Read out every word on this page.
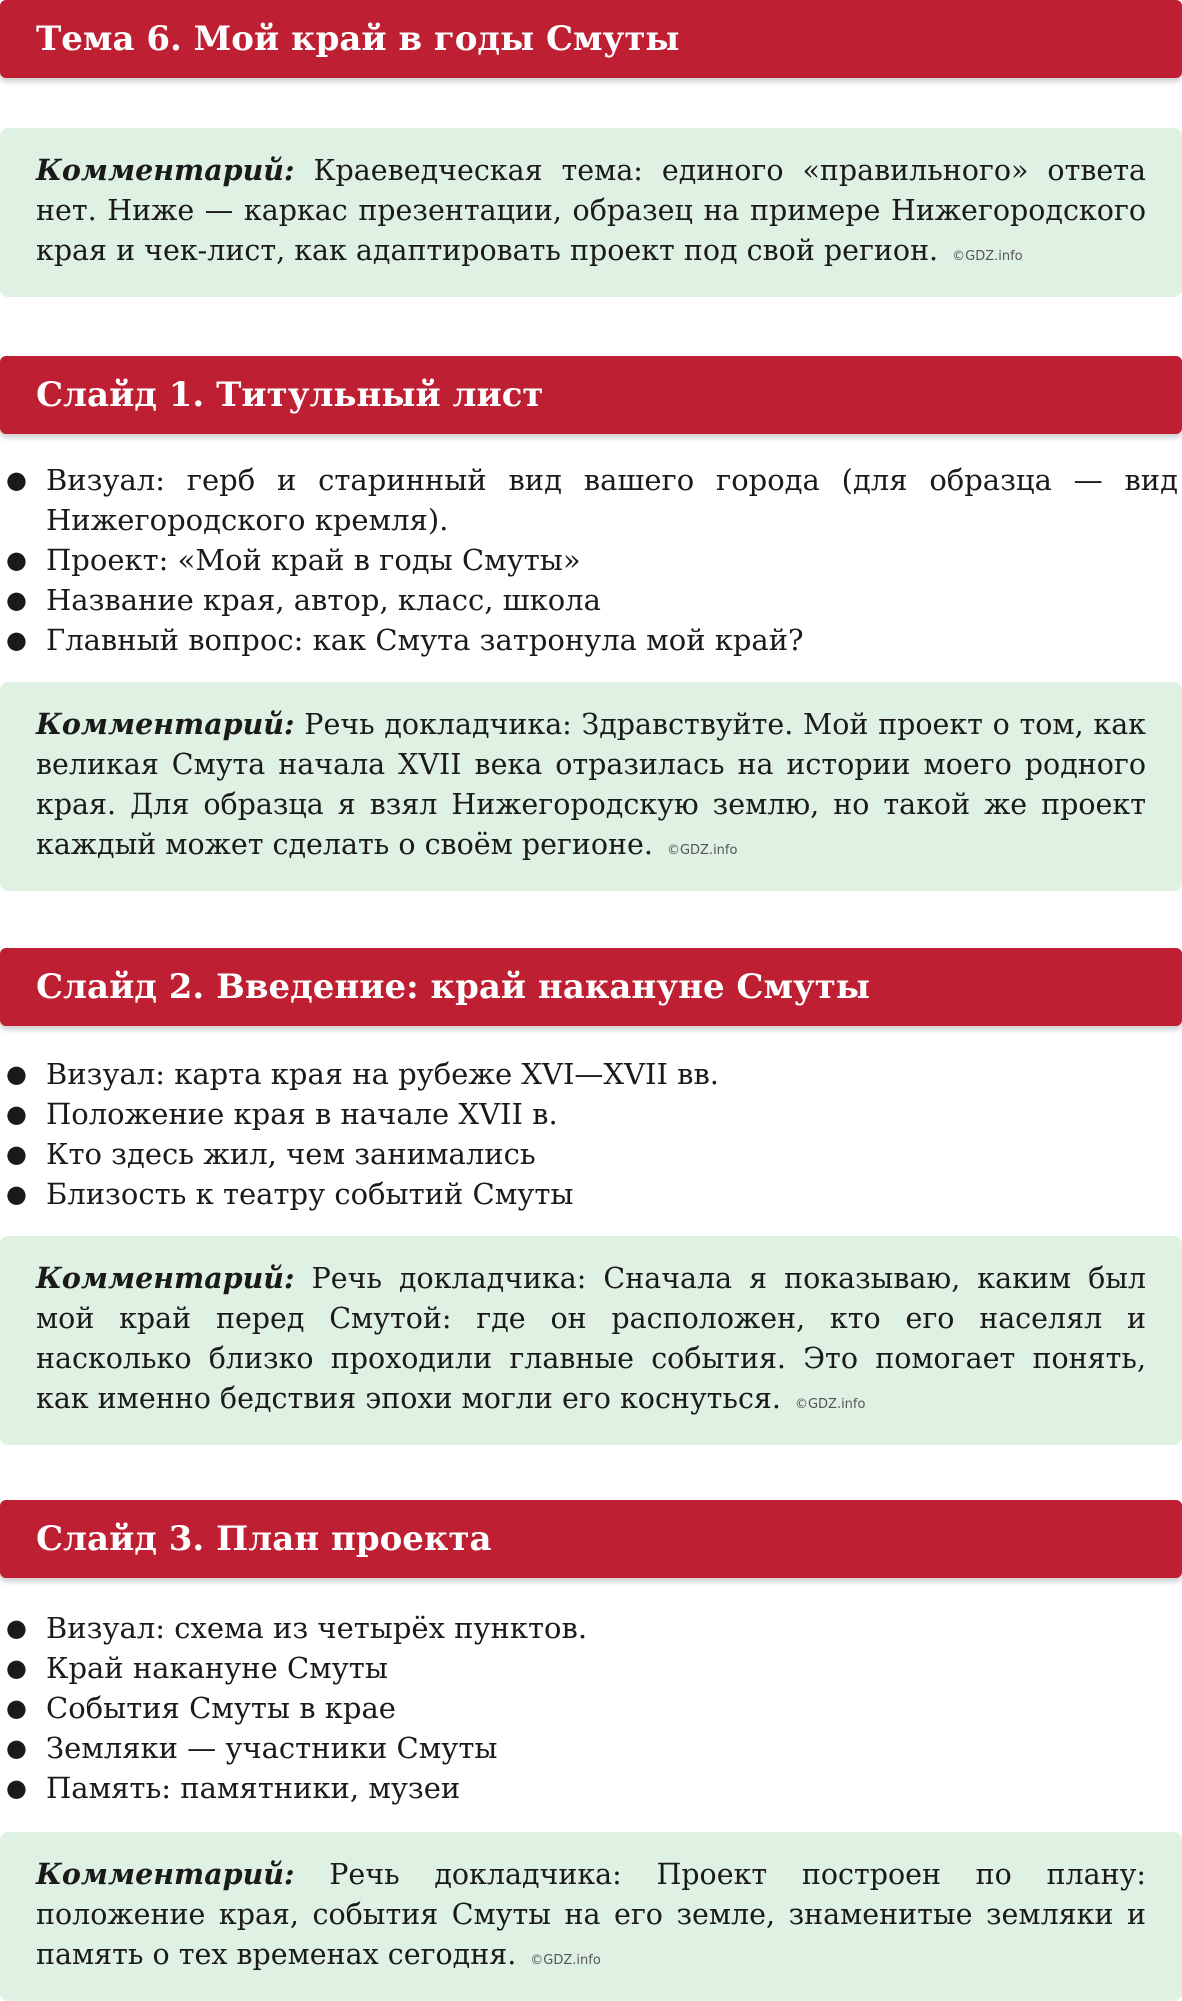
Тема 6. Мой край в годы Смуты
Комментарий: Краеведческая тема: единого «правильного» ответа нет. Ниже — каркас презентации, образец на примере Нижегородского края и чек-лист, как адаптировать проект под свой регион. ©GDZ.info
Слайд 1. Титульный лист
● Визуал: герб и старинный вид вашего города (для образца — вид Нижегородского кремля).
● Проект: «Мой край в годы Смуты»
● Название края, автор, класс, школа
● Главный вопрос: как Смута затронула мой край?
Комментарий: Речь докладчика: Здравствуйте. Мой проект о том, как великая Смута начала XVII века отразилась на истории моего родного края. Для образца я взял Нижегородскую землю, но такой же проект каждый может сделать о своём регионе. ©GDZ.info
Слайд 2. Введение: край накануне Смуты
● Визуал: карта края на рубеже XVI—XVII вв.
● Положение края в начале XVII в.
● Кто здесь жил, чем занимались
● Близость к театру событий Смуты
Комментарий: Речь докладчика: Сначала я показываю, каким был мой край перед Смутой: где он расположен, кто его населял и насколько близко проходили главные события. Это помогает понять, как именно бедствия эпохи могли его коснуться. ©GDZ.info
Слайд 3. План проекта
● Визуал: схема из четырёх пунктов.
● Край накануне Смуты
● События Смуты в крае
● Земляки — участники Смуты
● Память: памятники, музеи
Комментарий: Речь докладчика: Проект построен по плану: положение края, события Смуты на его земле, знаменитые земляки и память о тех временах сегодня. ©GDZ.info
